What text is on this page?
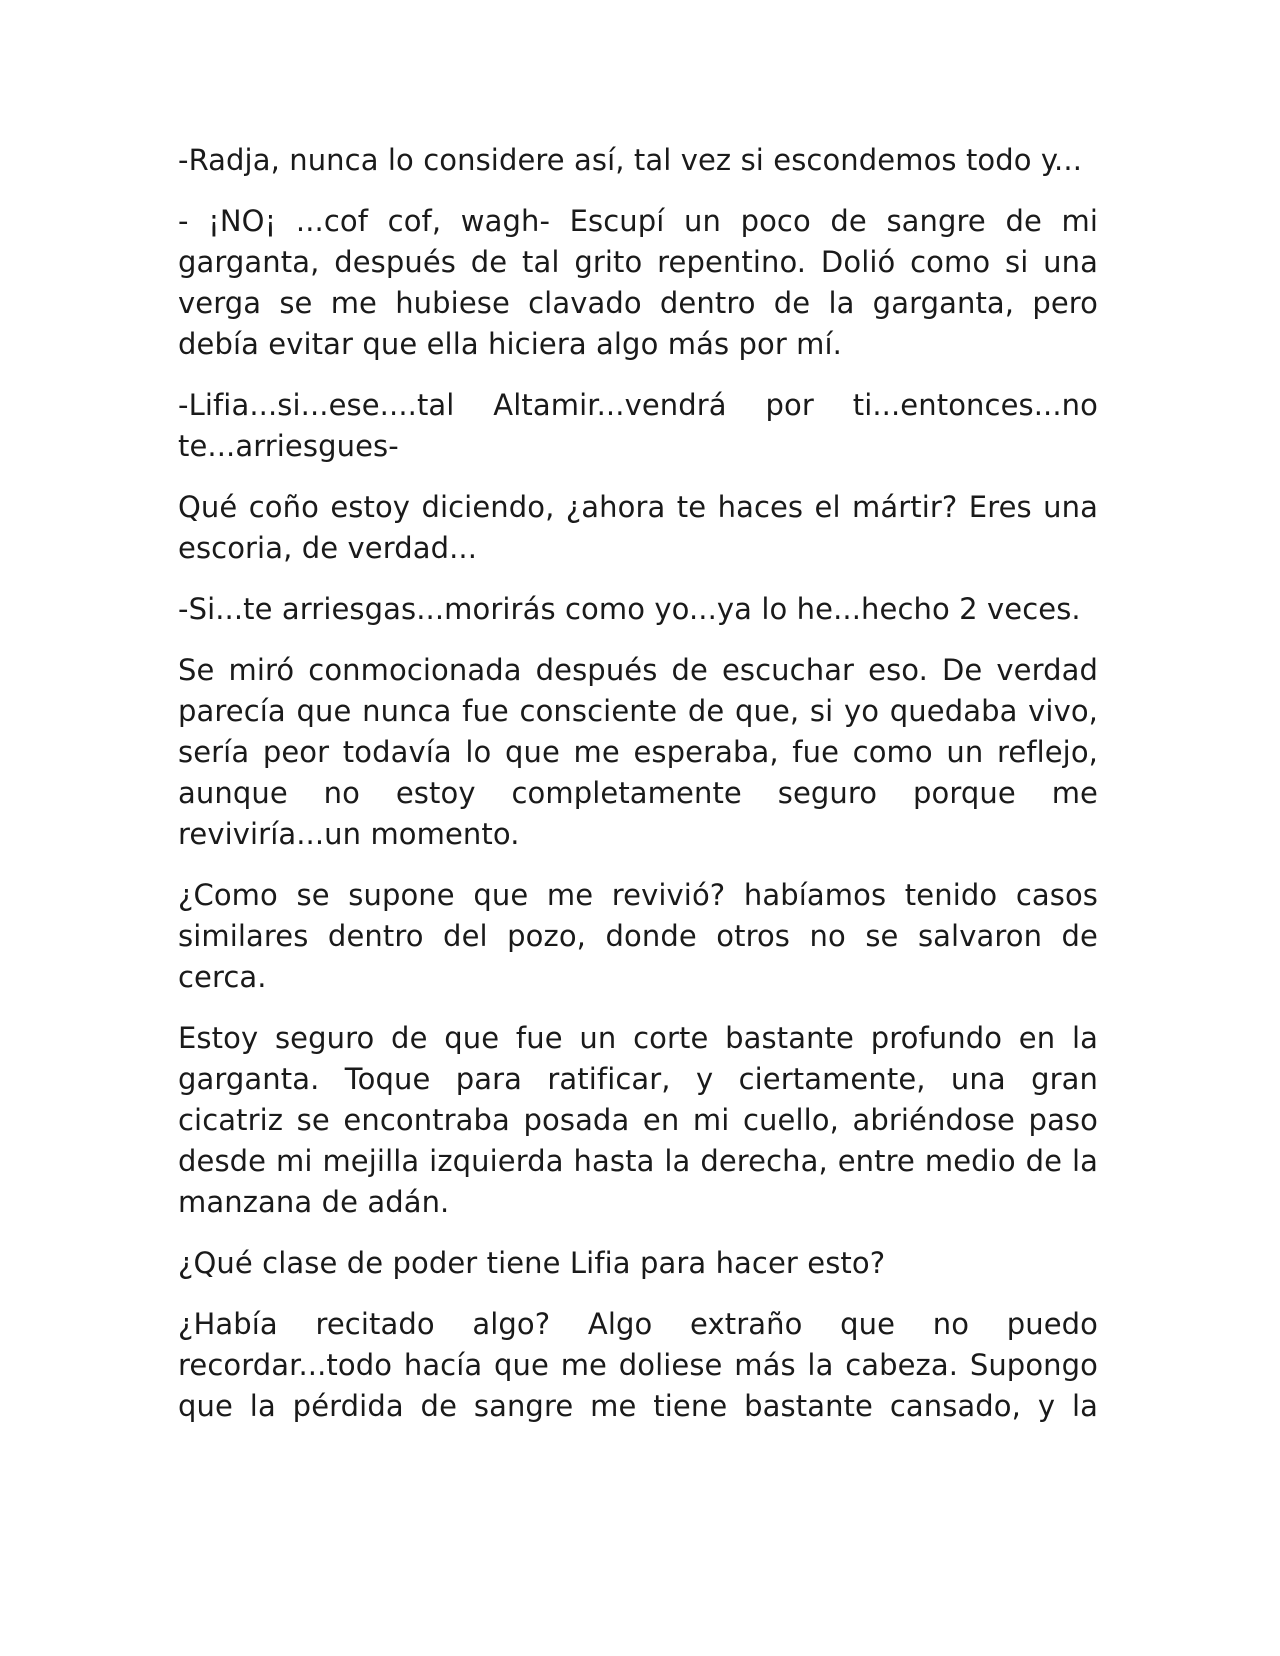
-Radja, nunca lo considere así, tal vez si escondemos todo y...

- ¡NO¡ ...cof cof, wagh- Escupí un poco de sangre de mi garganta, después de tal grito repentino. Dolió como si una verga se me hubiese clavado dentro de la garganta, pero debía evitar que ella hiciera algo más por mí.

-Lifia...si...ese....tal Altamir...vendrá por ti...entonces...no te...arriesgues-

Qué coño estoy diciendo, ¿ahora te haces el mártir? Eres una escoria, de verdad...

-Si...te arriesgas...morirás como yo...ya lo he...hecho 2 veces.

Se miró conmocionada después de escuchar eso. De verdad parecía que nunca fue consciente de que, si yo quedaba vivo, sería peor todavía lo que me esperaba, fue como un reflejo, aunque no estoy completamente seguro porque me reviviría...un momento.

¿Como se supone que me revivió? habíamos tenido casos similares dentro del pozo, donde otros no se salvaron de cerca.

Estoy seguro de que fue un corte bastante profundo en la garganta. Toque para ratificar, y ciertamente, una gran cicatriz se encontraba posada en mi cuello, abriéndose paso desde mi mejilla izquierda hasta la derecha, entre medio de la manzana de adán.

¿Qué clase de poder tiene Lifia para hacer esto?

¿Había recitado algo? Algo extraño que no puedo recordar...todo hacía que me doliese más la cabeza. Supongo que la pérdida de sangre me tiene bastante cansado, y la
